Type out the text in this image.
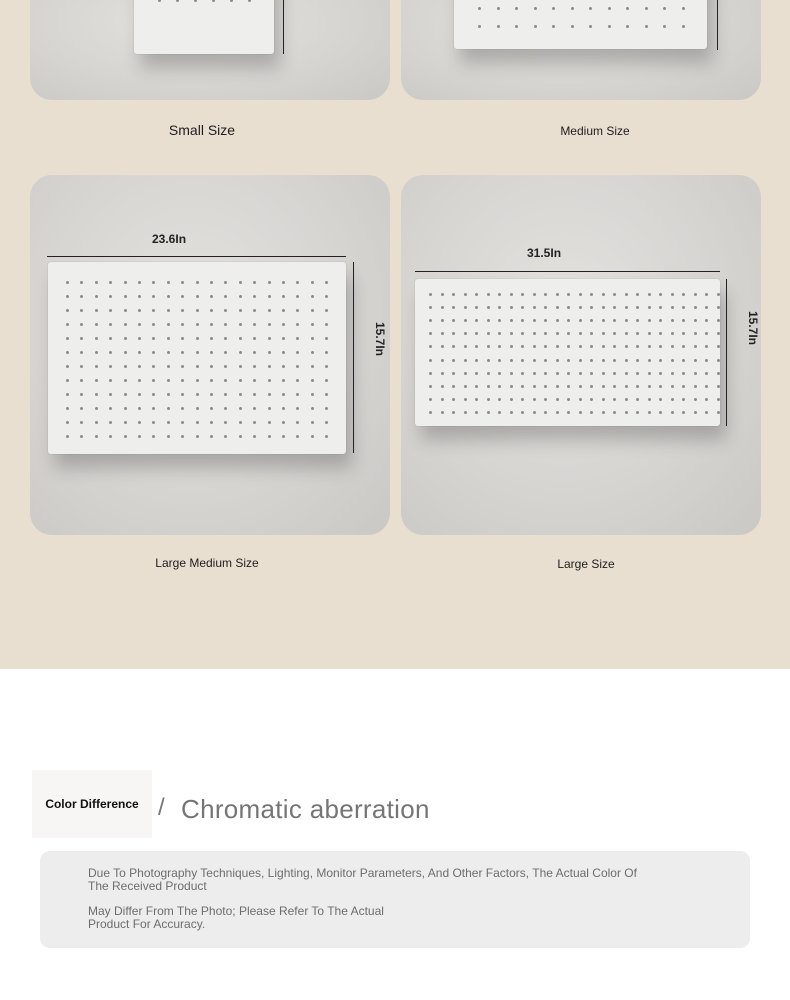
Small Size	Medium Size
23.6In
15.7In
Large Medium Size
31.5In
15.7In
Large Size
Color Difference / Chromatic aberration

Due To Photography Techniques, Lighting, Monitor Parameters, And Other Factors, The Actual Color Of The Received Product

May Differ From The Photo; Please Refer To The Actual Product For Accuracy.
